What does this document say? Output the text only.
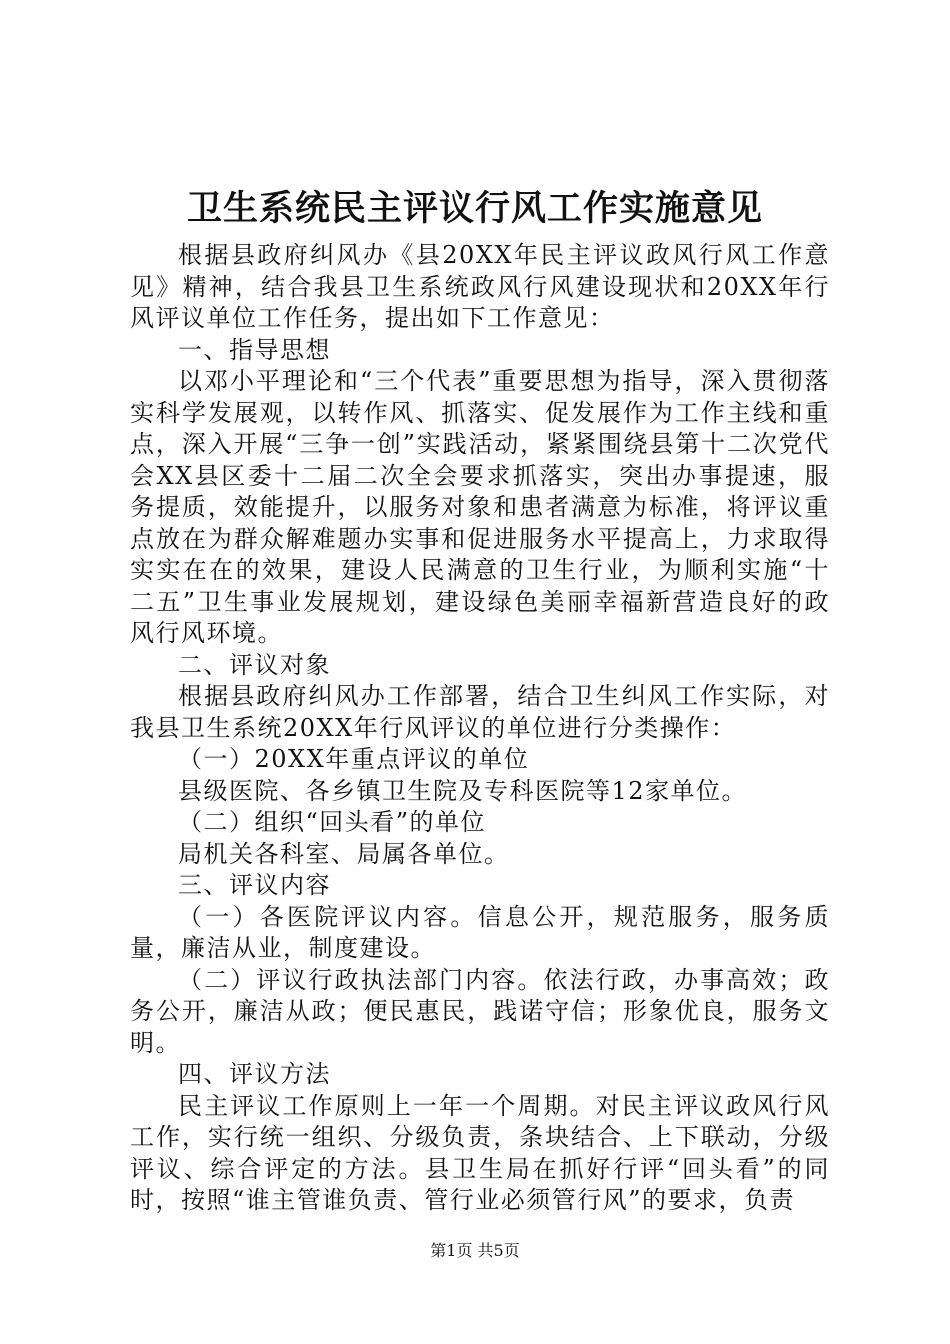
卫生系统民主评议行风工作实施意见

根据县政府纠风办《县20XX年民主评议政风行风工作意见》精神，结合我县卫生系统政风行风建设现状和20XX年行风评议单位工作任务，提出如下工作意见：

一、指导思想

以邓小平理论和“三个代表”重要思想为指导，深入贯彻落实科学发展观，以转作风、抓落实、促发展作为工作主线和重点，深入开展“三争一创”实践活动，紧紧围绕县第十二次党代会XX县区委十二届二次全会要求抓落实，突出办事提速，服务提质，效能提升，以服务对象和患者满意为标准，将评议重点放在为群众解难题办实事和促进服务水平提高上，力求取得实实在在的效果，建设人民满意的卫生行业，为顺利实施“十二五”卫生事业发展规划，建设绿色美丽幸福新营造良好的政风行风环境。

二、评议对象

根据县政府纠风办工作部署，结合卫生纠风工作实际，对我县卫生系统20XX年行风评议的单位进行分类操作：

（一）20XX年重点评议的单位

县级医院、各乡镇卫生院及专科医院等12家单位。

（二）组织“回头看”的单位

局机关各科室、局属各单位。

三、评议内容

（一）各医院评议内容。信息公开，规范服务，服务质量，廉洁从业，制度建设。

（二）评议行政执法部门内容。依法行政，办事高效；政务公开，廉洁从政；便民惠民，践诺守信；形象优良，服务文明。

四、评议方法

民主评议工作原则上一年一个周期。对民主评议政风行风工作，实行统一组织、分级负责，条块结合、上下联动，分级评议、综合评定的方法。县卫生局在抓好行评“回头看”的同时，按照“谁主管谁负责、管行业必须管行风”的要求，负责

第1页 共5页
